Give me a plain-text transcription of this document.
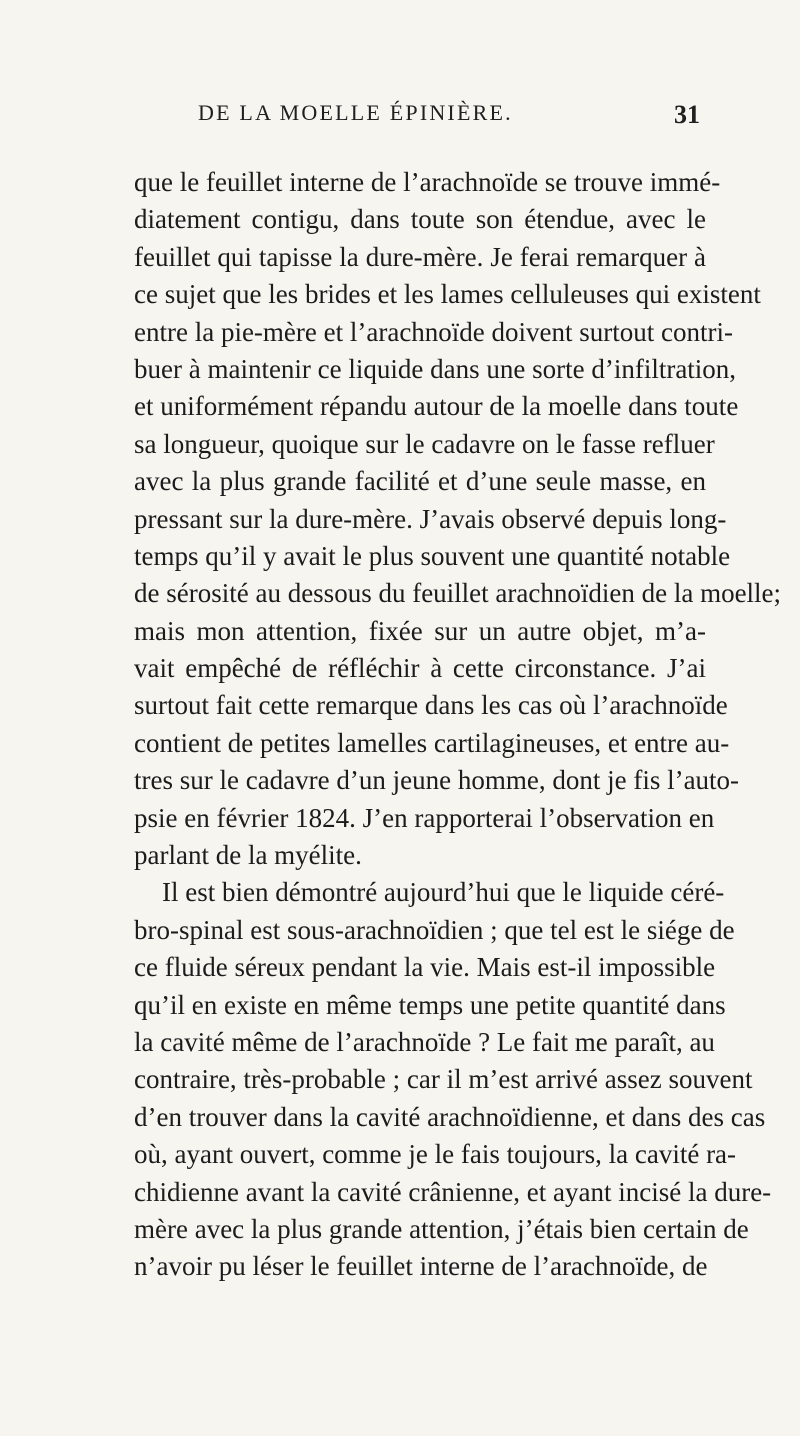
DE LA MOELLE ÉPINIÈRE.	31
que le feuillet interne de l’arachnoïde se trouve immé-
diatement contigu, dans toute son étendue, avec le
feuillet qui tapisse la dure-mère. Je ferai remarquer à
ce sujet que les brides et les lames celluleuses qui existent
entre la pie-mère et l’arachnoïde doivent surtout contri-
buer à maintenir ce liquide dans une sorte d’infiltration,
et uniformément répandu autour de la moelle dans toute
sa longueur, quoique sur le cadavre on le fasse refluer
avec la plus grande facilité et d’une seule masse, en
pressant sur la dure-mère. J’avais observé depuis long-
temps qu’il y avait le plus souvent une quantité notable
de sérosité au dessous du feuillet arachnoïdien de la moelle;
mais mon attention, fixée sur un autre objet, m’a-
vait empêché de réfléchir à cette circonstance. J’ai
surtout fait cette remarque dans les cas où l’arachnoïde
contient de petites lamelles cartilagineuses, et entre au-
tres sur le cadavre d’un jeune homme, dont je fis l’auto-
psie en février 1824. J’en rapporterai l’observation en
parlant de la myélite.
Il est bien démontré aujourd’hui que le liquide céré-
bro-spinal est sous-arachnoïdien ; que tel est le siége de
ce fluide séreux pendant la vie. Mais est-il impossible
qu’il en existe en même temps une petite quantité dans
la cavité même de l’arachnoïde ? Le fait me paraît, au
contraire, très-probable ; car il m’est arrivé assez souvent
d’en trouver dans la cavité arachnoïdienne, et dans des cas
où, ayant ouvert, comme je le fais toujours, la cavité ra-
chidienne avant la cavité crânienne, et ayant incisé la dure-
mère avec la plus grande attention, j’étais bien certain de
n’avoir pu léser le feuillet interne de l’arachnoïde, de
